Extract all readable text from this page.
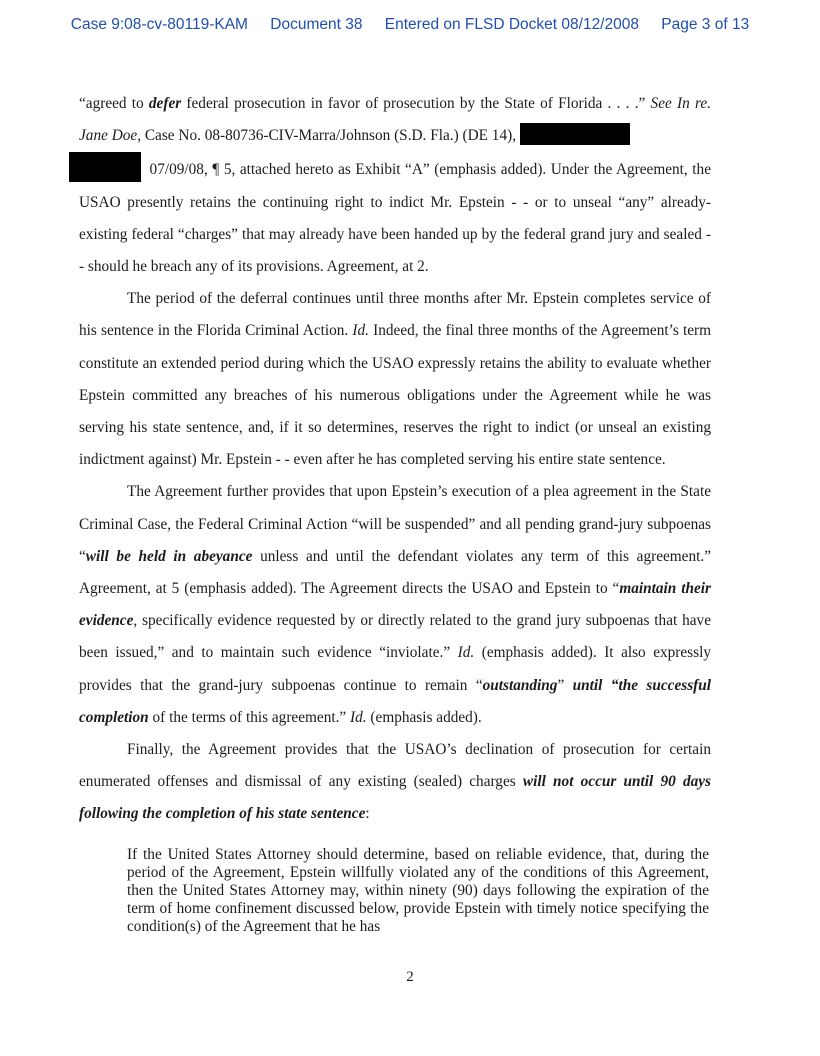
Case 9:08-cv-80119-KAM Document 38 Entered on FLSD Docket 08/12/2008 Page 3 of 13

“agreed to defer federal prosecution in favor of prosecution by the State of Florida . . . .” See In re. Jane Doe, Case No. 08-80736-CIV-Marra/Johnson (S.D. Fla.) (DE 14),
07/09/08, ¶ 5, attached hereto as Exhibit “A” (emphasis added). Under the Agreement, the USAO presently retains the continuing right to indict Mr. Epstein - - or to unseal “any” already-existing federal “charges” that may already have been handed up by the federal grand jury and sealed - - should he breach any of its provisions. Agreement, at 2.

The period of the deferral continues until three months after Mr. Epstein completes service of his sentence in the Florida Criminal Action. Id. Indeed, the final three months of the Agreement’s term constitute an extended period during which the USAO expressly retains the ability to evaluate whether Epstein committed any breaches of his numerous obligations under the Agreement while he was serving his state sentence, and, if it so determines, reserves the right to indict (or unseal an existing indictment against) Mr. Epstein - - even after he has completed serving his entire state sentence.

The Agreement further provides that upon Epstein’s execution of a plea agreement in the State Criminal Case, the Federal Criminal Action “will be suspended” and all pending grand-jury subpoenas “will be held in abeyance unless and until the defendant violates any term of this agreement.” Agreement, at 5 (emphasis added). The Agreement directs the USAO and Epstein to “maintain their evidence, specifically evidence requested by or directly related to the grand jury subpoenas that have been issued,” and to maintain such evidence “inviolate.” Id. (emphasis added). It also expressly provides that the grand-jury subpoenas continue to remain “outstanding” until “the successful completion of the terms of this agreement.” Id. (emphasis added).

Finally, the Agreement provides that the USAO’s declination of prosecution for certain enumerated offenses and dismissal of any existing (sealed) charges will not occur until 90 days following the completion of his state sentence:

If the United States Attorney should determine, based on reliable evidence, that, during the period of the Agreement, Epstein willfully violated any of the conditions of this Agreement, then the United States Attorney may, within ninety (90) days following the expiration of the term of home confinement discussed below, provide Epstein with timely notice specifying the condition(s) of the Agreement that he has

2
